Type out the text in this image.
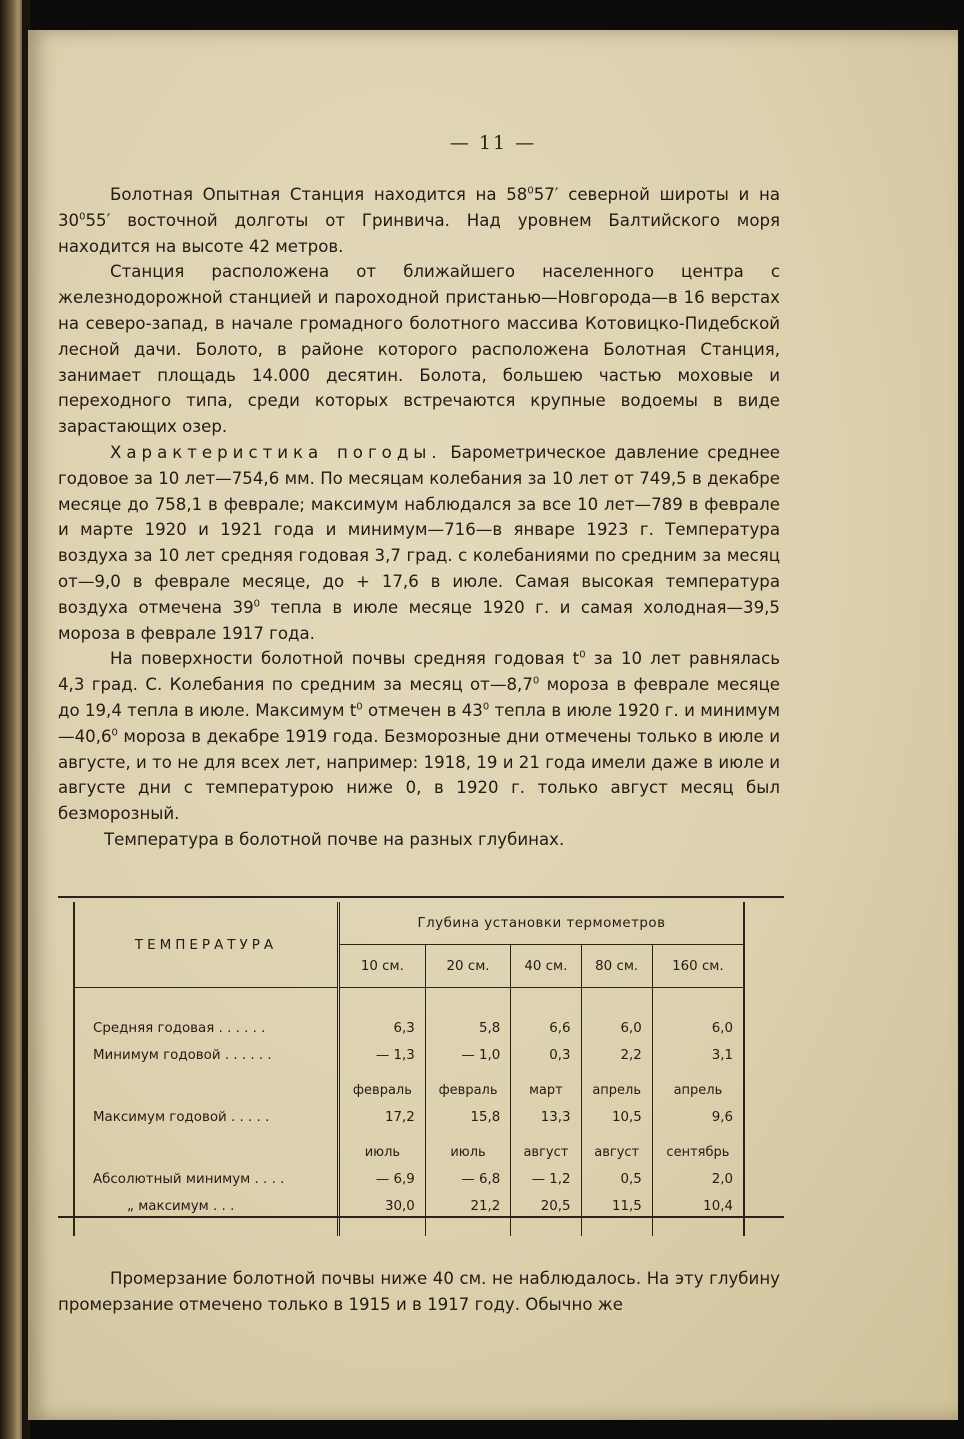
— 11 —

Болотная Опытная Станция находится на $58^057'$ северной широты и на $30^055'$ восточной долготы от Гринвича. Над уровнем Балтийского моря находится на высоте 42 метров.

Станция расположена от ближайшего населенного центра с железнодорожной станцией и пароходной пристанью—Новгорода—в 16 верстах на северо-запад, в начале громадного болотного массива Котовицко-Пидебской лесной дачи. Болото, в районе которого расположена Болотная Станция, занимает площадь 14.000 десятин. Болота, большею частью моховые и переходного типа, среди которых встречаются крупные водоемы в виде зарастающих озер.

Характеристика погоды. Барометрическое давление среднее годовое за 10 лет—754,6 мм. По месяцам колебания за 10 лет от 749,5 в декабре месяце до 758,1 в феврале; максимум наблюдался за все 10 лет—789 в феврале и марте 1920 и 1921 года и минимум—716—в январе 1923 г. Температура воздуха за 10 лет средняя годовая 3,7 град. с колебаниями по средним за месяц от—9,0 в феврале месяце, до + 17,6 в июле. Самая высокая температура воздуха отмечена $39^0$ тепла в июле месяце 1920 г. и самая холодная—39,5 мороза в феврале 1917 года.

На поверхности болотной почвы средняя годовая $t^0$ за 10 лет равнялась 4,3 град. С. Колебания по средним за месяц $от—8,7^0$ мороза в феврале месяце до 19,4 тепла в июле. Максимум $t^0$ отмечен в $43^0$ тепла в июле 1920 г. и минимум—40,6$^0$ мороза в декабре 1919 года. Безморозные дни отмечены только в июле и августе, и то не для всех лет, например: 1918, 19 и 21 года имели даже в июле и августе дни с температурою ниже 0, в 1920 г. только август месяц был безморозный.

Температура в болотной почве на разных глубинах.

ТЕМПЕРАТУРА	Глубина установки термометров				
	10 см.	20 см.	40 см.	80 см.	160 см.

Средняя годовая . . . . . .	6,3	5,8	6,6	6,0	6,0
Минимум годовой . . . . . .	— 1,3	— 1,0	0,3	2,2	3,1
	февраль	февраль	март	апрель	апрель
Максимум годовой . . . . .	17,2	15,8	13,3	10,5	9,6
	июль	июль	август	август	сентябрь
Абсолютный минимум . . . .	— 6,9	— 6,8	— 1,2	0,5	2,0
„ максимум . . .	30,0	21,2	20,5	11,5	10,4

Промерзание болотной почвы ниже 40 см. не наблюдалось. На эту глубину промерзание отмечено только в 1915 и в 1917 году. Обычно же
